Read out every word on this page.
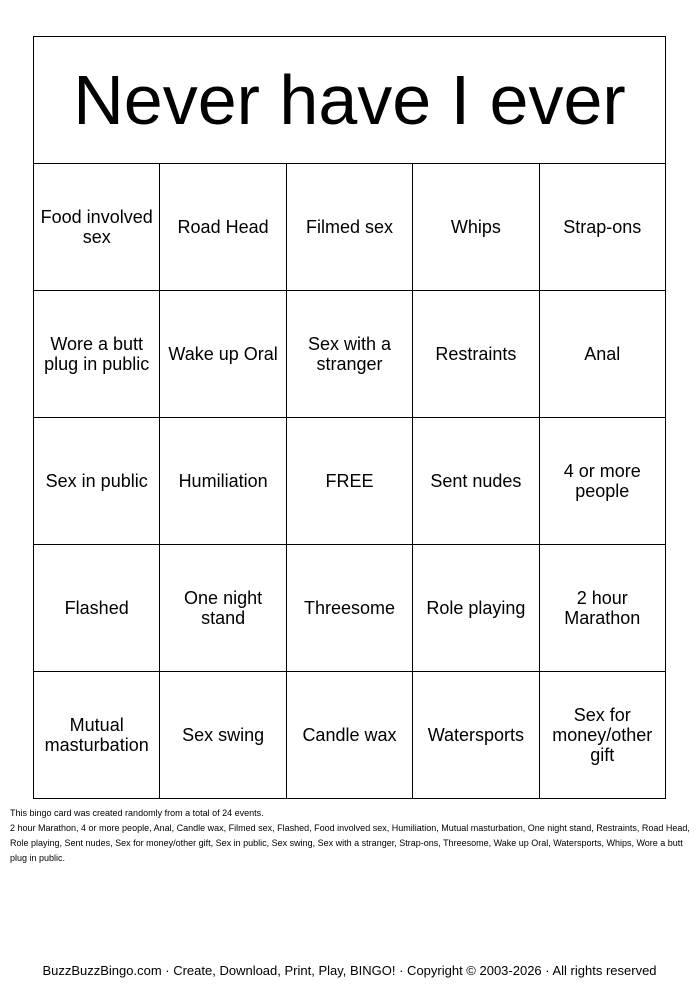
Never have I ever				
Food involved sex	Road Head	Filmed sex	Whips	Strap-ons
Wore a butt plug in public	Wake up Oral	Sex with a stranger	Restraints	Anal
Sex in public	Humiliation	FREE	Sent nudes	4 or more people
Flashed	One night stand	Threesome	Role playing	2 hour Marathon
Mutual masturbation	Sex swing	Candle wax	Watersports	Sex for money/other gift

This bingo card was created randomly from a total of 24 events.

2 hour Marathon, 4 or more people, Anal, Candle wax, Filmed sex, Flashed, Food involved sex, Humiliation, Mutual masturbation, One night stand, Restraints, Road Head, Role playing, Sent nudes, Sex for money/other gift, Sex in public, Sex swing, Sex with a stranger, Strap-ons, Threesome, Wake up Oral, Watersports, Whips, Wore a butt plug in public.

BuzzBuzzBingo.com · Create, Download, Print, Play, BINGO! · Copyright © 2003-2026 · All rights reserved
